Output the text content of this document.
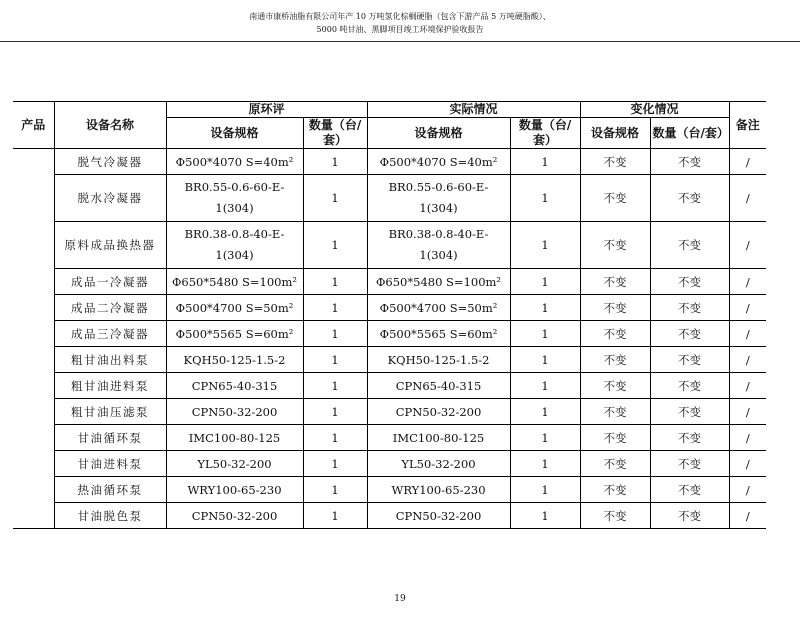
南通市康桥油脂有限公司年产 10 万吨氢化棕榈硬脂（包含下游产品 5 万吨硬脂酸）、
5000 吨甘油、黑脚项目竣工环境保护验收报告
产品	设备名称	原环评		实际情况		变化情况		备注
		设备规格	数量（台/套）	设备规格	数量（台/套）	设备规格	数量（台/套）	
	脱气冷凝器	Φ500*4070 S=40m²	1	Φ500*4070 S=40m²	1	不变	不变	/
	脱水冷凝器	BR0.55-0.6-60-E-1(304)	1	BR0.55-0.6-60-E-1(304)	1	不变	不变	/
	原料成品换热器	BR0.38-0.8-40-E-1(304)	1	BR0.38-0.8-40-E-1(304)	1	不变	不变	/
	成品一冷凝器	Φ650*5480 S=100m²	1	Φ650*5480 S=100m²	1	不变	不变	/
	成品二冷凝器	Φ500*4700 S=50m²	1	Φ500*4700 S=50m²	1	不变	不变	/
	成品三冷凝器	Φ500*5565 S=60m²	1	Φ500*5565 S=60m²	1	不变	不变	/
	粗甘油出料泵	KQH50-125-1.5-2	1	KQH50-125-1.5-2	1	不变	不变	/
	粗甘油进料泵	CPN65-40-315	1	CPN65-40-315	1	不变	不变	/
	粗甘油压滤泵	CPN50-32-200	1	CPN50-32-200	1	不变	不变	/
	甘油循环泵	IMC100-80-125	1	IMC100-80-125	1	不变	不变	/
	甘油进料泵	YL50-32-200	1	YL50-32-200	1	不变	不变	/
	热油循环泵	WRY100-65-230	1	WRY100-65-230	1	不变	不变	/
	甘油脱色泵	CPN50-32-200	1	CPN50-32-200	1	不变	不变	/
19
